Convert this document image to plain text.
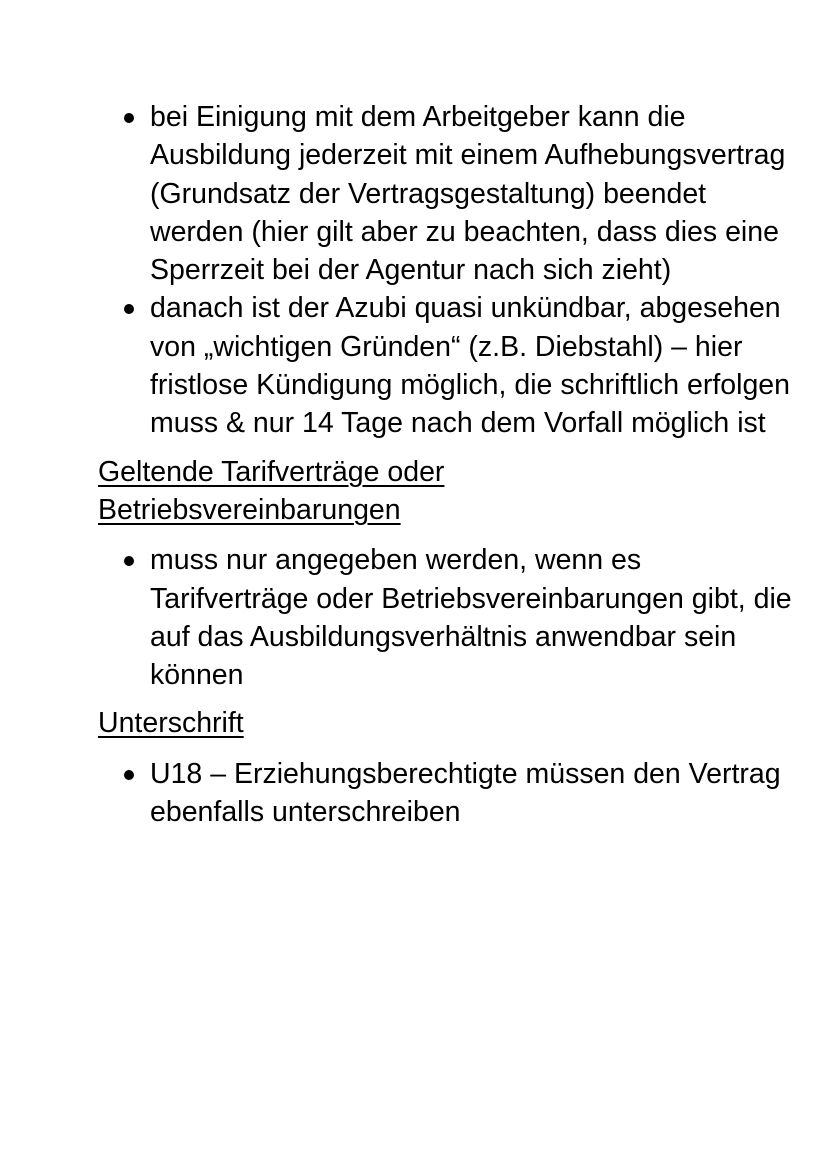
bei Einigung mit dem Arbeitgeber kann die Ausbildung jederzeit mit einem Aufhebungsvertrag (Grundsatz der Vertragsgestaltung) beendet werden (hier gilt aber zu beachten, dass dies eine Sperrzeit bei der Agentur nach sich zieht)
danach ist der Azubi quasi unkündbar, abgesehen von „wichtigen Gründen“ (z.B. Diebstahl) – hier fristlose Kündigung möglich, die schriftlich erfolgen muss & nur 14 Tage nach dem Vorfall möglich ist

Geltende Tarifverträge oder Betriebsvereinbarungen

muss nur angegeben werden, wenn es Tarifverträge oder Betriebsvereinbarungen gibt, die auf das Ausbildungsverhältnis anwendbar sein können

Unterschrift

U18 – Erziehungsberechtigte müssen den Vertrag ebenfalls unterschreiben
